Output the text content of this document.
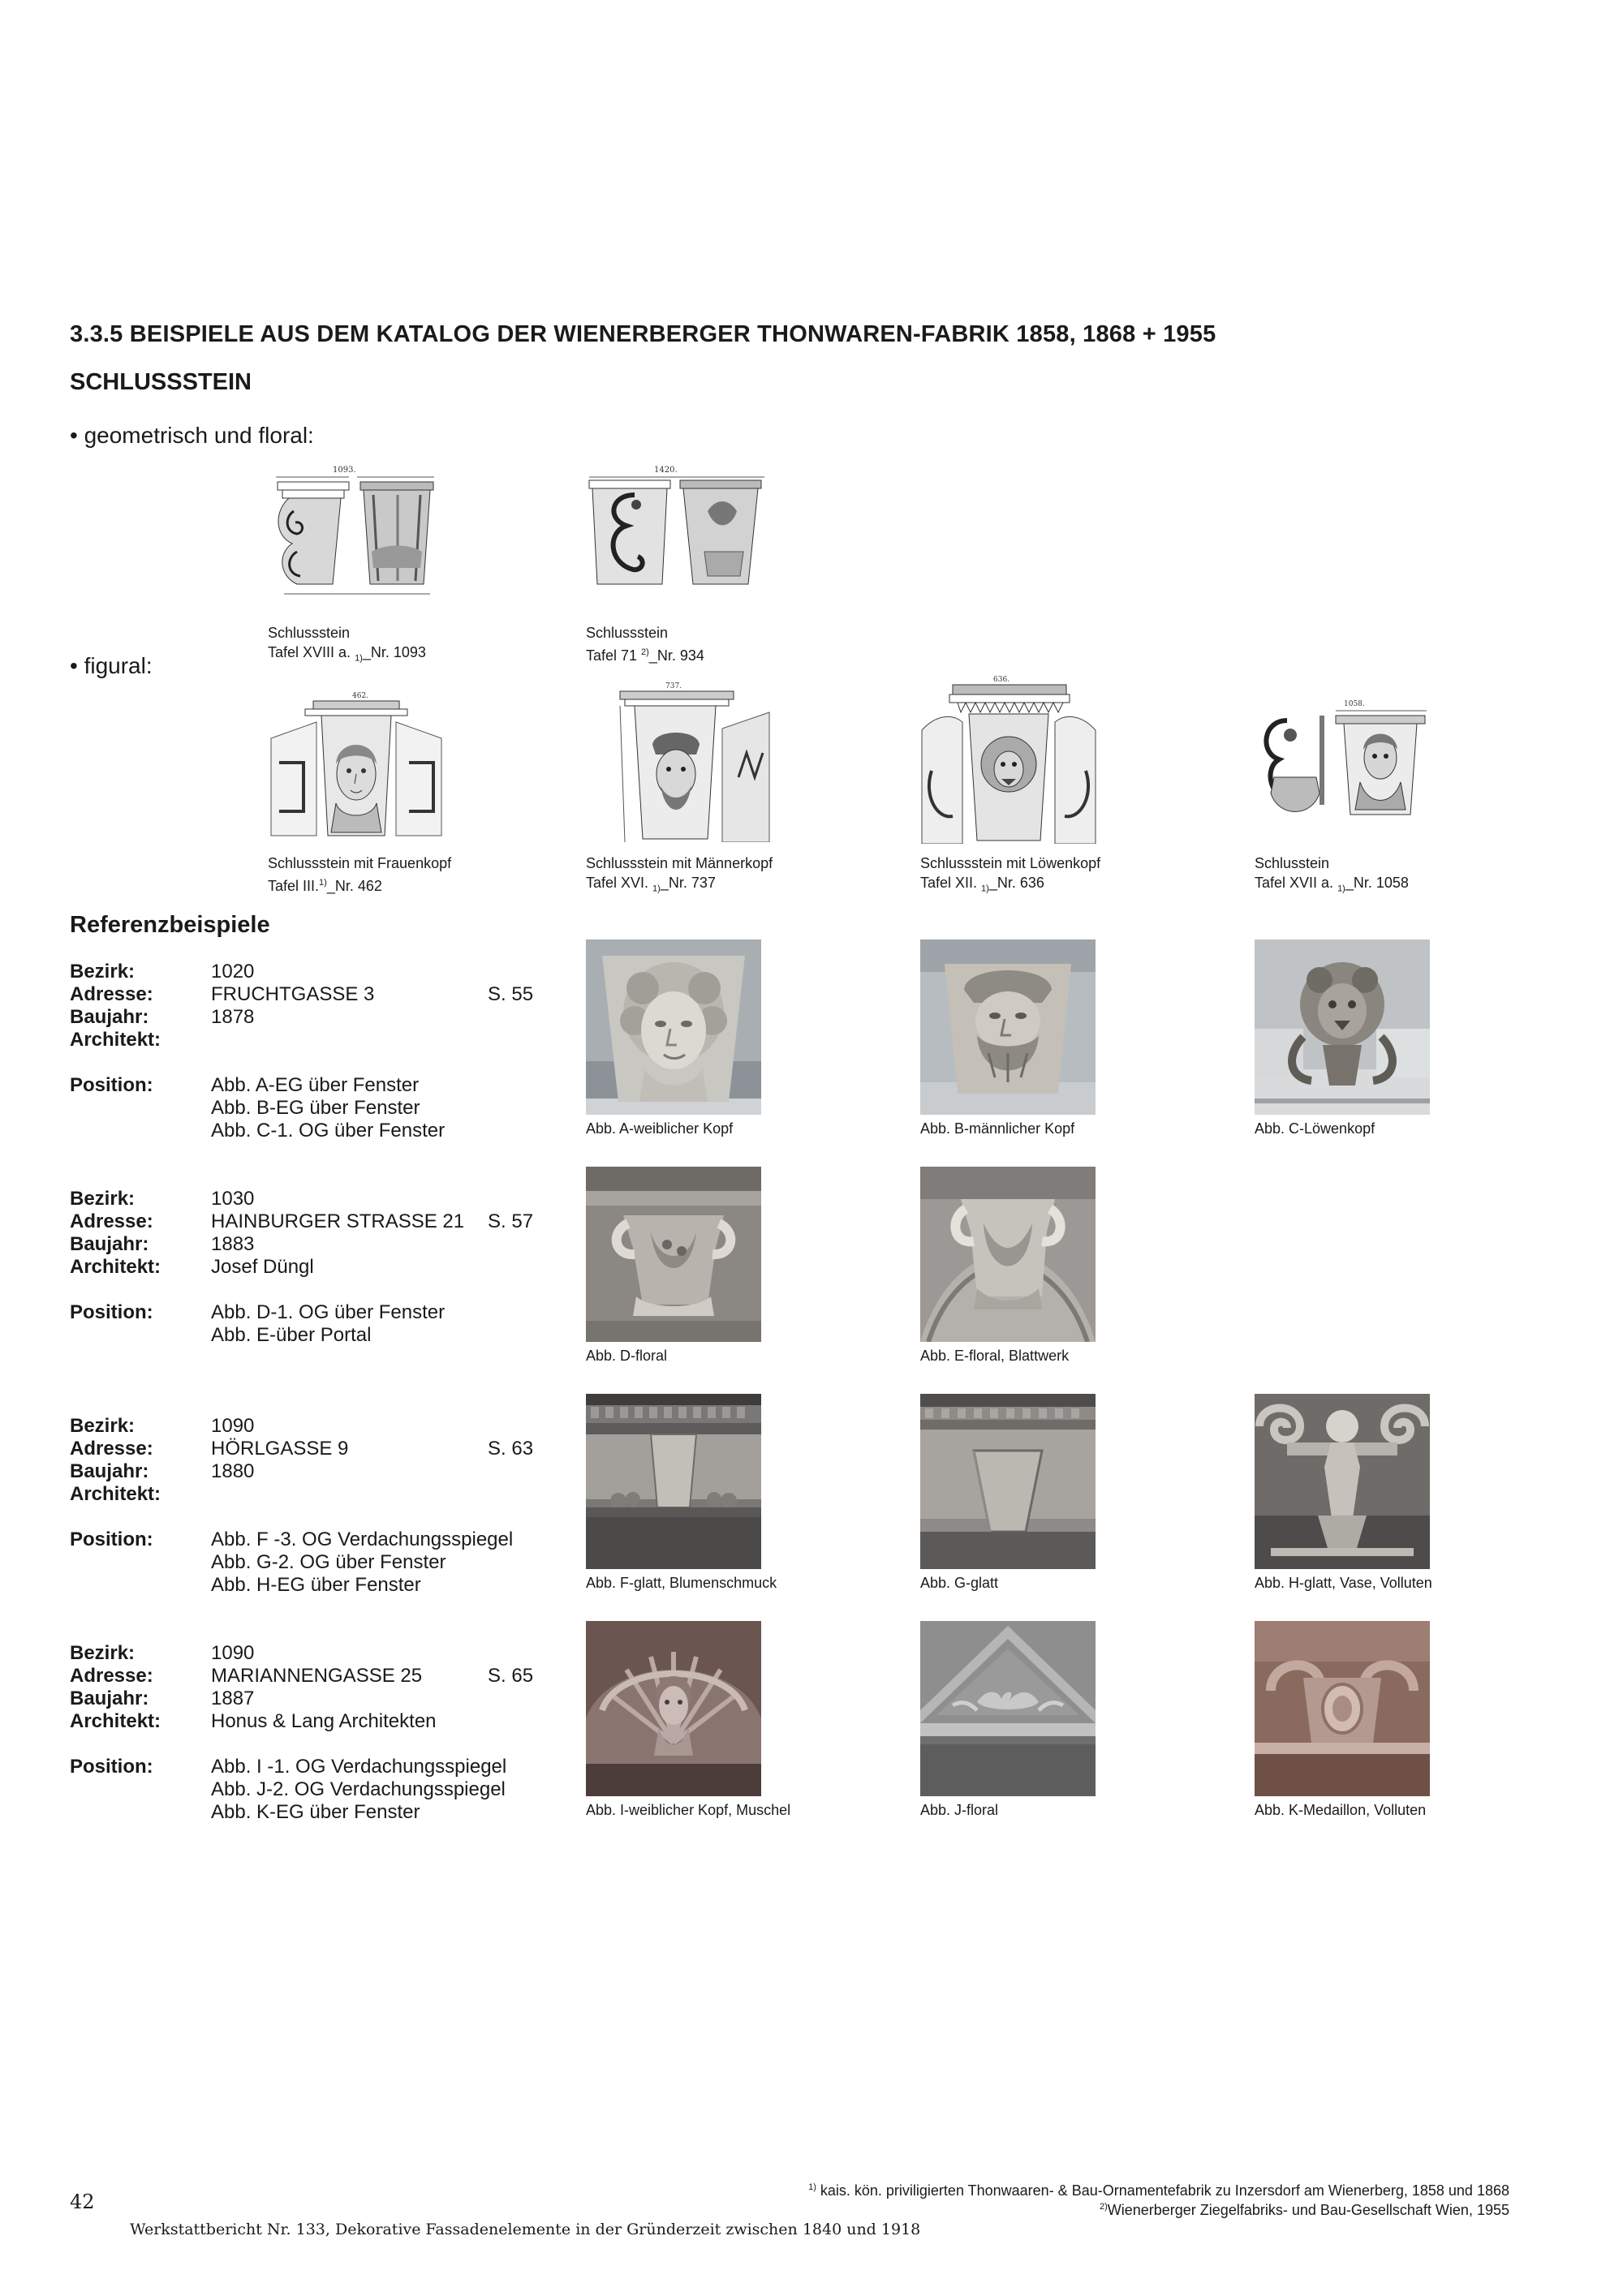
3.3.5 BEISPIELE AUS DEM KATALOG DER WIENERBERGER THONWAREN-FABRIK 1858, 1868 + 1955
SCHLUSSSTEIN
• geometrisch und floral:
• figural:
1093.	1420.
Schlussstein
Tafel XVIII a. $_{1)}$_Nr. 1093
Schlussstein
Tafel 71 $^{2)}$_Nr. 934
462.
737.
636.
1058.
Schlussstein mit Frauenkopf
Tafel III.$^{1)}$_Nr. 462
Schlussstein mit Männerkopf
Tafel XVI. $_{1)}$_Nr. 737
Schlussstein mit Löwenkopf
Tafel XII. $_{1)}$_Nr. 636
Schlusstein
Tafel XVII a. $_{1)}$_Nr. 1058
Referenzbeispiele
Bezirk:	1020
Adresse:	FRUCHTGASSE 3	S. 55
Baujahr:	1878
Architekt:
Position:	Abb. A-EG über Fenster
Abb. B-EG über Fenster
Abb. C-1. OG über Fenster
Bezirk:	1030
Adresse:	HAINBURGER STRASSE 21 S. 57
Baujahr:	1883
Architekt:	Josef Düngl
Position:	Abb. D-1. OG über Fenster
Abb. E-über Portal
Bezirk:	1090
Adresse:	HÖRLGASSE 9	S. 63
Baujahr:	1880
Architekt:
Position:	Abb. F -3. OG Verdachungsspiegel
Abb. G-2. OG über Fenster
Abb. H-EG über Fenster
Bezirk:	1090
Adresse:	MARIANNENGASSE 25	S. 65
Baujahr:	1887
Architekt:	Honus & Lang Architekten
Position:	Abb. I -1. OG Verdachungsspiegel
Abb. J-2. OG Verdachungsspiegel
Abb. K-EG über Fenster
Abb. A-weiblicher Kopf	Abb. B-männlicher Kopf	Abb. C-Löwenkopf
Abb. D-floral	Abb. E-floral, Blattwerk
Abb. F-glatt, Blumenschmuck	Abb. G-glatt	Abb. H-glatt, Vase, Volluten
Abb. I-weiblicher Kopf, Muschel	Abb. J-floral	Abb. K-Medaillon, Volluten
$^{1)}$ kais. kön. priviligierten Thonwaaren- & Bau-Ornamentefabrik zu Inzersdorf am Wienerberg, 1858 und 1868
$^{2)}$Wienerberger Ziegelfabriks- und Bau-Gesellschaft Wien, 1955
42
Werkstattbericht Nr. 133, Dekorative Fassadenelemente in der Gründerzeit zwischen 1840 und 1918
